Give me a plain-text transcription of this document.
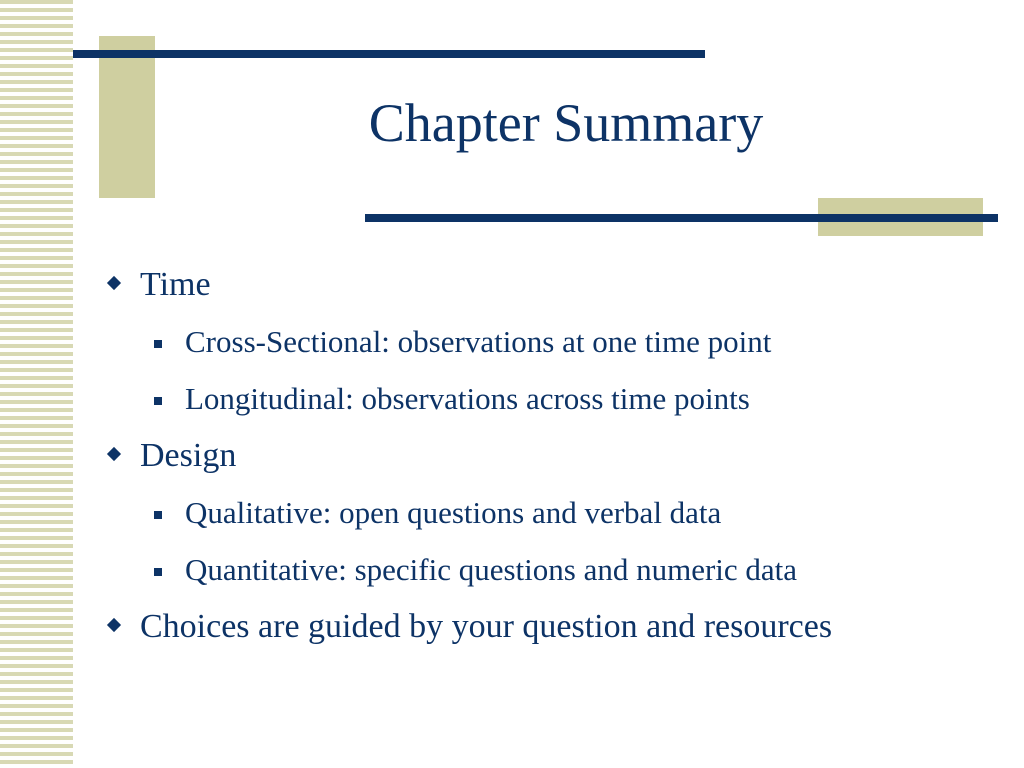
Chapter Summary
Time
Cross-Sectional: observations at one time point
Longitudinal: observations across time points
Design
Qualitative: open questions and verbal data
Quantitative: specific questions and numeric data
Choices are guided by your question and resources
